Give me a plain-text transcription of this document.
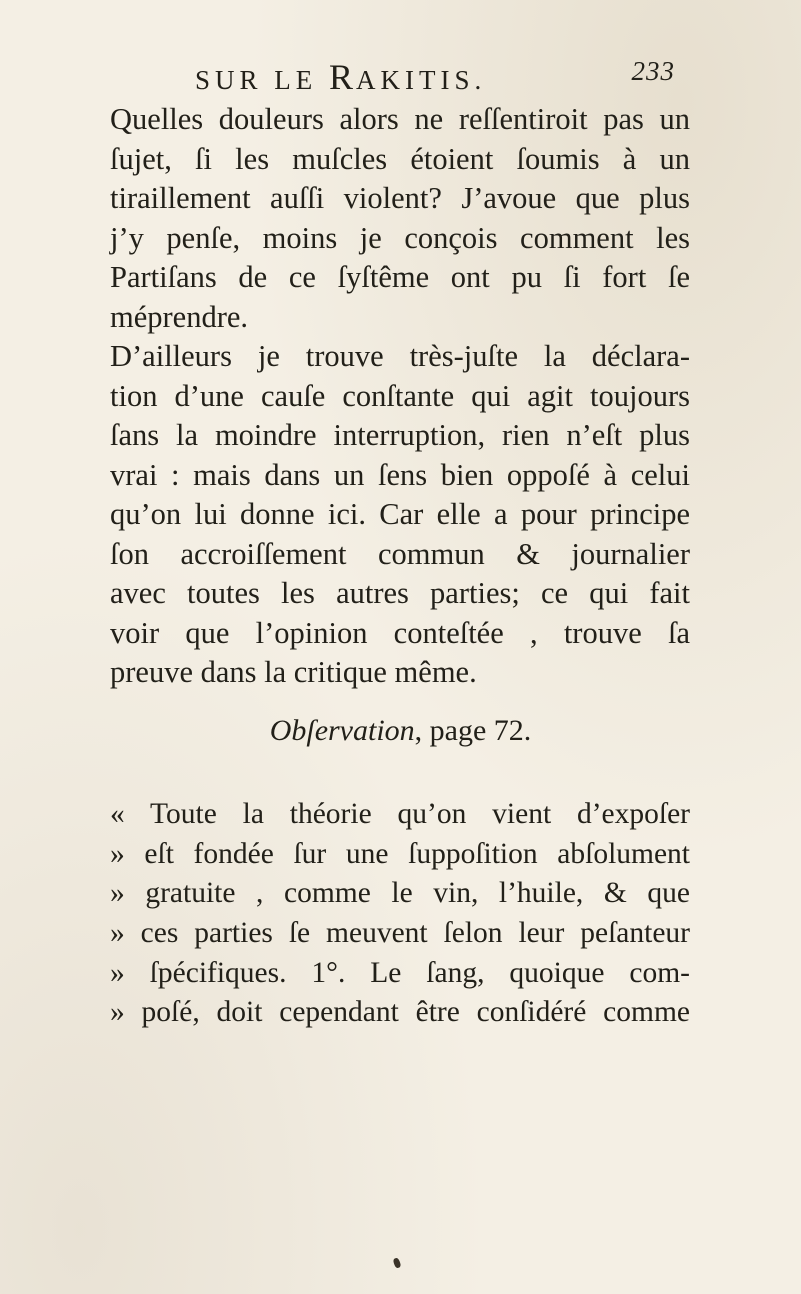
SUR LE RAKITIS.	233
Quelles douleurs alors ne reſſentiroit pas un
ſujet, ſi les muſcles étoient ſoumis à un
tiraillement auſſi violent? J’avoue que plus
j’y penſe, moins je conçois comment les
Partiſans de ce ſyſtême ont pu ſi fort ſe
méprendre.
D’ailleurs je trouve très-juſte la déclara-
tion d’une cauſe conſtante qui agit toujours
ſans la moindre interruption, rien n’eſt plus
vrai : mais dans un ſens bien oppoſé à celui
qu’on lui donne ici. Car elle a pour principe
ſon accroiſſement commun & journalier
avec toutes les autres parties; ce qui fait
voir que l’opinion conteſtée , trouve ſa
preuve dans la critique même.
Obſervation, page 72.
« Toute la théorie qu’on vient d’expoſer
» eſt fondée ſur une ſuppoſition abſolument
» gratuite , comme le vin, l’huile, & que
» ces parties ſe meuvent ſelon leur peſanteur
» ſpécifiques. 1°. Le ſang, quoique com-
» poſé, doit cependant être conſidéré comme
